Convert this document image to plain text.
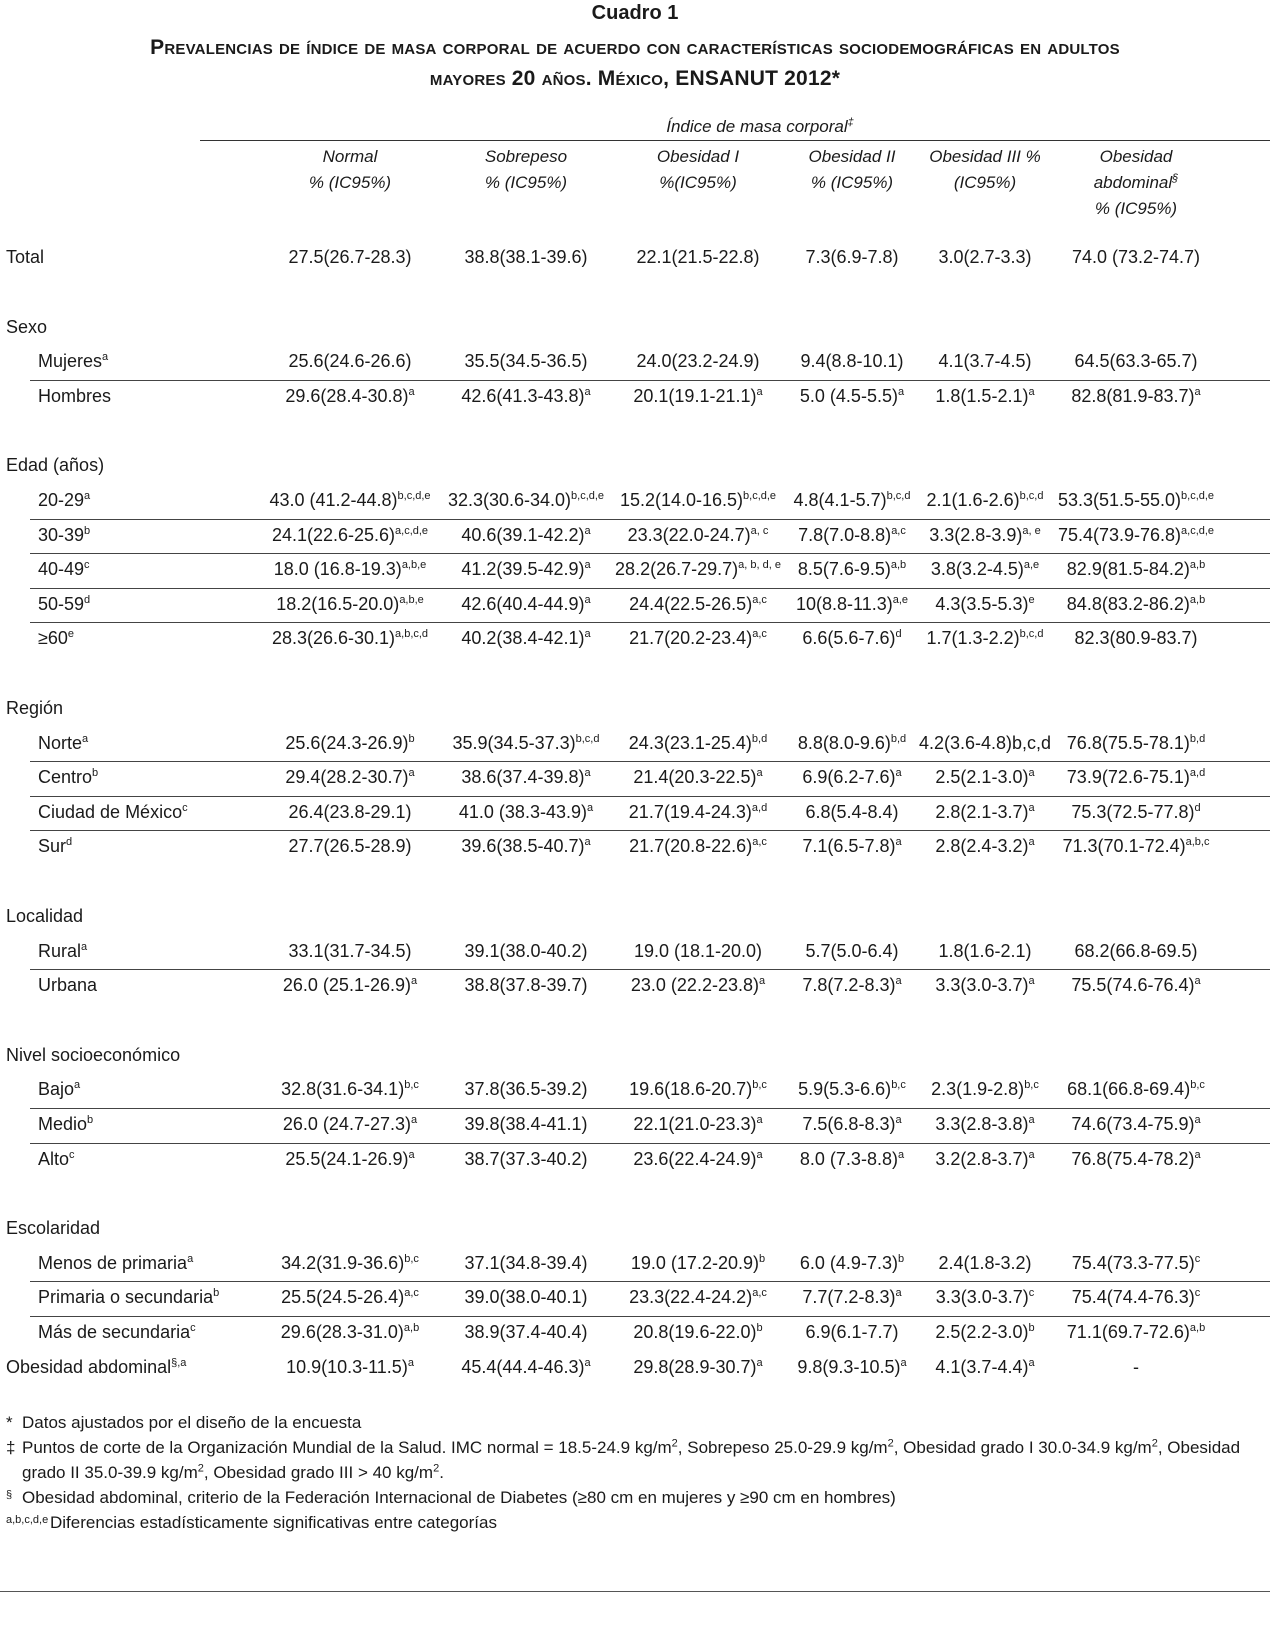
Cuadro 1
Prevalencias de índice de masa corporal de acuerdo con características sociodemográficas en adultos
mayores 20 años. México, ENSANUT 2012*
Índice de masa corporal‡
Normal
% (IC95%)
Sobrepeso
% (IC95%)
Obesidad I
%(IC95%)
Obesidad II
% (IC95%)
Obesidad III %
(IC95%)
Obesidad
abdominal§
% (IC95%)
Total	27.5(26.7-28.3)	38.8(38.1-39.6)	22.1(21.5-22.8)	7.3(6.9-7.8)	3.0(2.7-3.3)	74.0 (73.2-74.7)
Sexo
Mujeres$^a$	25.6(24.6-26.6)	35.5(34.5-36.5)	24.0(23.2-24.9)	9.4(8.8-10.1)	4.1(3.7-4.5)	64.5(63.3-65.7)
Hombres	$29.6(28.4-30.8)^a$	$42.6(41.3-43.8)^a$	$20.1(19.1-21.1)^a$	5.0 $(4.5-5.5)^a$	$1.8(1.5-2.1)^a$	$82.8(81.9-83.7)^a$
Edad (años)
20-29$^a$	43.0 $(41.2-44.8)^{b,c,d,e}$ $32.3(30.6-34.0)^{b,c,d,e}$ $15.2(14.0-16.5)^{b,c,d,e}$ $4.8(4.1-5.7)^{b,c,d}$ $2.1(1.6-2.6)^{b,c,d}$ $53.3(51.5-55.0)^{b,c,d,e}$
30-39$^b$	$24.1(22.6-25.6)^{a,c,d,e}$	$40.6(39.1-42.2)^a$	$23.3(22.0-24.7)^{a, c}$	$7.8(7.0-8.8)^{a,c}$	$3.3(2.8-3.9)^{a, e}$ $75.4(73.9-76.8)^{a,c,d,e}$
40-49$^c$	18.0 $(16.8-19.3)^{a,b,e}$	$41.2(39.5-42.9)^a$	$28.2(26.7-29.7)^{a, b, d, e}$ $8.5(7.6-9.5)^{a,b}$	$3.8(3.2-4.5)^{a,e}$	$82.9(81.5-84.2)^{a,b}$
50-59$^d$	$18.2(16.5-20.0)^{a,b,e}$	$42.6(40.4-44.9)^a$	$24.4(22.5-26.5)^{a,c}$	$10(8.8-11.3)^{a,e}$	$4.3(3.5-5.3)^e$	$84.8(83.2-86.2)^{a,b}$
$\ge 60^e$	$28.3(26.6-30.1)^{a,b,c,d}$	$40.2(38.4-42.1)^a$	$21.7(20.2-23.4)^{a,c}$	$6.6(5.6-7.6)^d$	$1.7(1.3-2.2)^{b,c,d}$	82.3(80.9-83.7)
Región
Norte$^a$	$25.6(24.3-26.9)^b$	$35.9(34.5-37.3)^{b,c,d}$	$24.3(23.1-25.4)^{b,d}$	$8.8(8.0-9.6)^{b,d}$ 4.2(3.6-4.8)b,c,d $76.8(75.5-78.1)^{b,d}$
Centro$^b$	$29.4(28.2-30.7)^a$	$38.6(37.4-39.8)^a$	$21.4(20.3-22.5)^a$	$6.9(6.2-7.6)^a$	$2.5(2.1-3.0)^a$	$73.9(72.6-75.1)^{a,d}$
Ciudad de México$^c$	26.4(23.8-29.1)	41.0 $(38.3-43.9)^a$	$21.7(19.4-24.3)^{a,d}$	6.8(5.4-8.4)	$2.8(2.1-3.7)^a$	$75.3(72.5-77.8)^d$
Sur$^d$	27.7(26.5-28.9)	$39.6(38.5-40.7)^a$	$21.7(20.8-22.6)^{a,c}$	$7.1(6.5-7.8)^a$	$2.8(2.4-3.2)^a$	$71.3(70.1-72.4)^{a,b,c}$
Localidad
Rural$^a$	33.1(31.7-34.5)	39.1(38.0-40.2)	19.0 (18.1-20.0)	5.7(5.0-6.4)	1.8(1.6-2.1)	68.2(66.8-69.5)
Urbana	26.0 $(25.1-26.9)^a$	38.8(37.8-39.7)	23.0 $(22.2-23.8)^a$	$7.8(7.2-8.3)^a$	$3.3(3.0-3.7)^a$	$75.5(74.6-76.4)^a$
Nivel socioeconómico
Bajo$^a$	$32.8(31.6-34.1)^{b,c}$	37.8(36.5-39.2)	$19.6(18.6-20.7)^{b,c}$	$5.9(5.3-6.6)^{b,c}$	$2.3(1.9-2.8)^{b,c}$	$68.1(66.8-69.4)^{b,c}$
Medio$^b$	26.0 $(24.7-27.3)^a$	39.8(38.4-41.1)	$22.1(21.0-23.3)^a$	$7.5(6.8-8.3)^a$	$3.3(2.8-3.8)^a$	$74.6(73.4-75.9)^a$
Alto$^c$	$25.5(24.1-26.9)^a$	38.7(37.3-40.2)	$23.6(22.4-24.9)^a$	8.0 $(7.3-8.8)^a$	$3.2(2.8-3.7)^a$	$76.8(75.4-78.2)^a$
Escolaridad
Menos de primaria$^a$	$34.2(31.9-36.6)^{b,c}$	37.1(34.8-39.4)	19.0 $(17.2-20.9)^b$	6.0 $(4.9-7.3)^b$	2.4(1.8-3.2)	$75.4(73.3-77.5)^c$
Primaria o secundaria$^b$	$25.5(24.5-26.4)^{a,c}$	39.0(38.0-40.1)	$23.3(22.4-24.2)^{a,c}$	$7.7(7.2-8.3)^a$	$3.3(3.0-3.7)^c$	$75.4(74.4-76.3)^c$
Más de secundaria$^c$	$29.6(28.3-31.0)^{a,b}$	38.9(37.4-40.4)	$20.8(19.6-22.0)^b$	6.9(6.1-7.7)	$2.5(2.2-3.0)^b$	$71.1(69.7-72.6)^{a,b}$
Obesidad abdominal$^{\S,a}$	$10.9(10.3-11.5)^a$	$45.4(44.4-46.3)^a$	$29.8(28.9-30.7)^a$	$9.8(9.3-10.5)^a$	$4.1(3.7-4.4)^a$	-
* Datos ajustados por el diseño de la encuesta
‡ Puntos de corte de la Organización Mundial de la Salud. IMC normal = 18.5-24.9 $kg/m^2$, Sobrepeso 25.0-29.9 $kg/m^2$, Obesidad grado I 30.0-34.9 $kg/m^2$, Obesidad grado II 35.0-39.9 $kg/m^2$, Obesidad grado III > 40 $kg/m^2$.
§ Obesidad abdominal, criterio de la Federación Internacional de Diabetes (≥80 cm en mujeres y ≥90 cm en hombres)
a,b,c,d,e Diferencias estadísticamente significativas entre categorías
